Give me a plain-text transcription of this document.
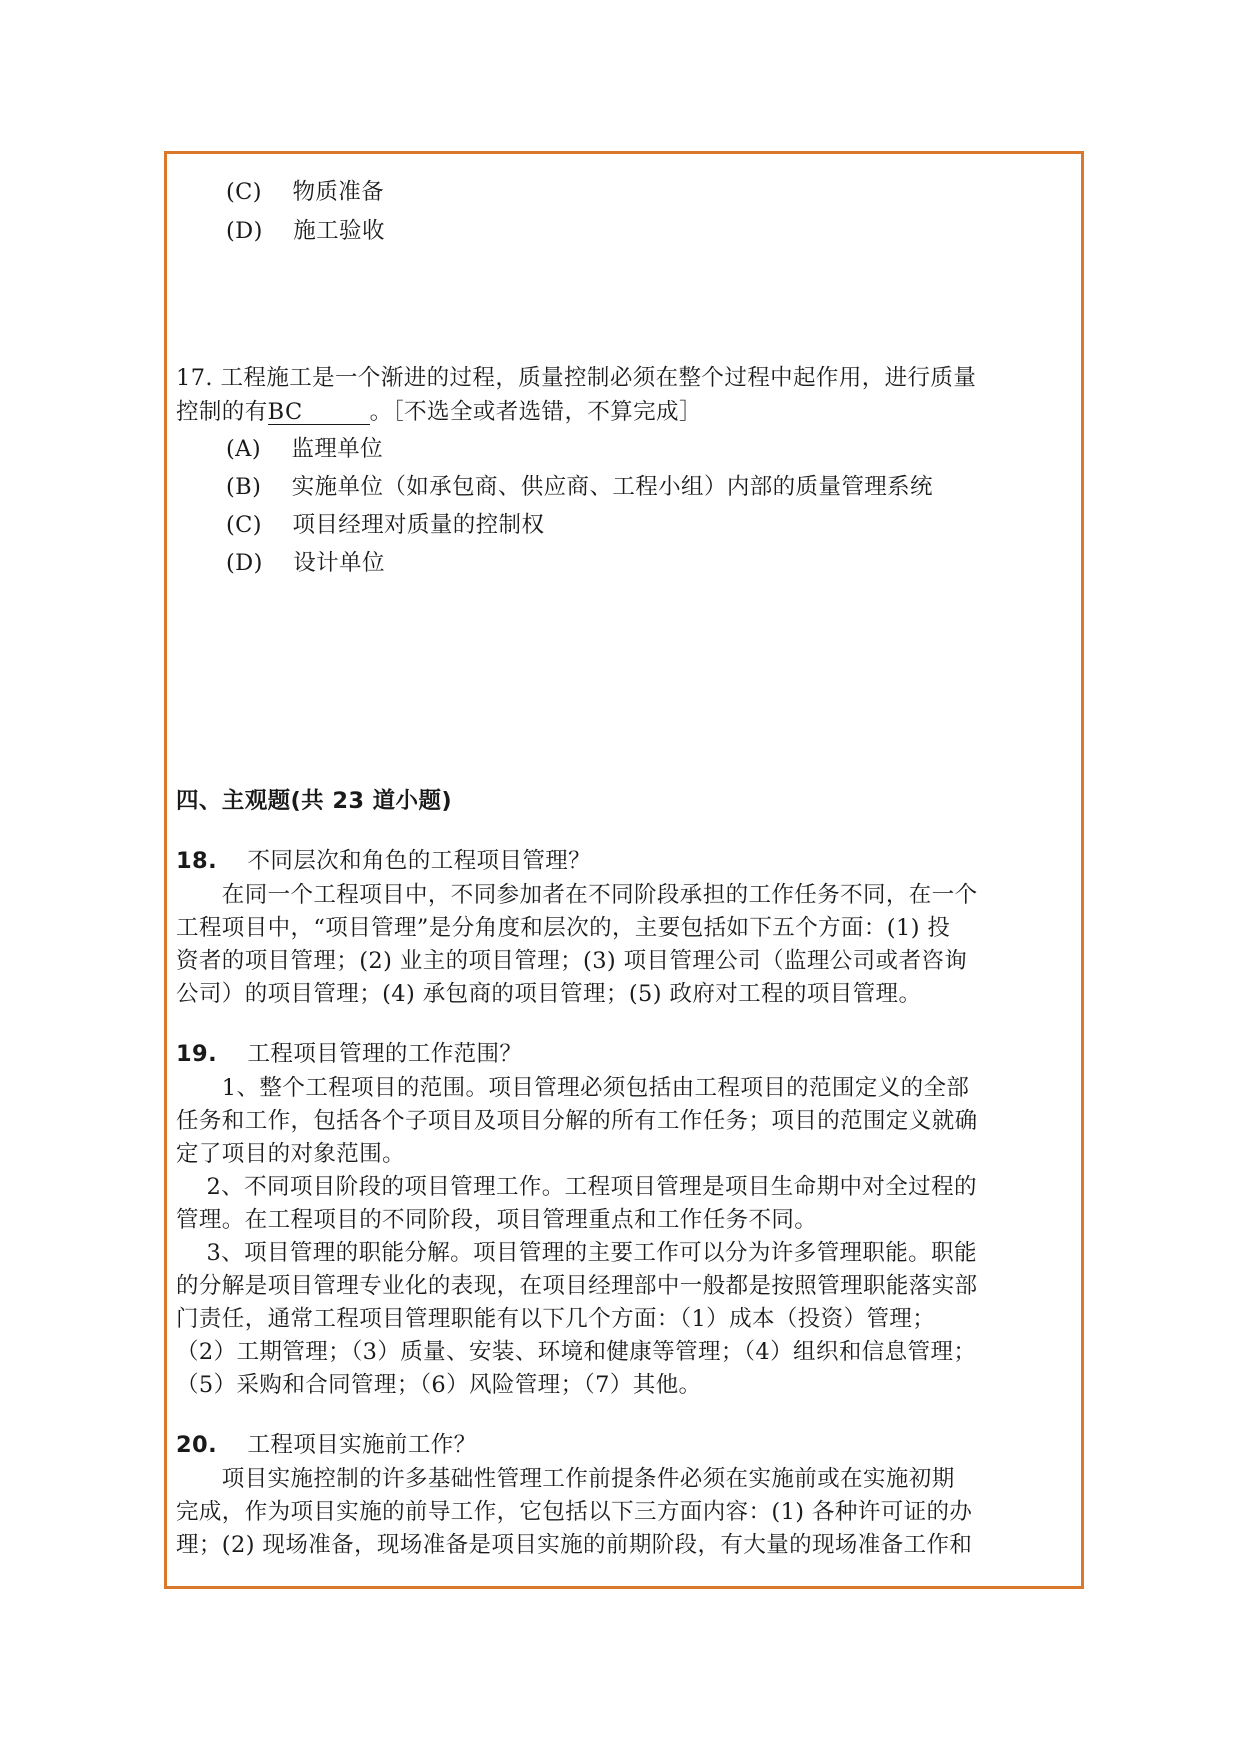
(C)　 物质准备
(D)　 施工验收
17. 工程施工是一个渐进的过程，质量控制必须在整个过程中起作用，进行质量
控制的有BC	。［不选全或者选错，不算完成］
(A)　 监理单位
(B)　 实施单位（如承包商、供应商、工程小组）内部的质量管理系统
(C)　 项目经理对质量的控制权
(D)　 设计单位
四、主观题(共 23 道小题)
18.　 不同层次和角色的工程项目管理？
　　在同一个工程项目中，不同参加者在不同阶段承担的工作任务不同，在一个
工程项目中，“项目管理”是分角度和层次的，主要包括如下五个方面：(1) 投
资者的项目管理；(2) 业主的项目管理；(3) 项目管理公司（监理公司或者咨询
公司）的项目管理；(4) 承包商的项目管理；(5) 政府对工程的项目管理。
19.　 工程项目管理的工作范围？
　　1、整个工程项目的范围。项目管理必须包括由工程项目的范围定义的全部
任务和工作，包括各个子项目及项目分解的所有工作任务；项目的范围定义就确
定了项目的对象范围。
　 2、不同项目阶段的项目管理工作。工程项目管理是项目生命期中对全过程的
管理。在工程项目的不同阶段，项目管理重点和工作任务不同。
　 3、项目管理的职能分解。项目管理的主要工作可以分为许多管理职能。职能
的分解是项目管理专业化的表现，在项目经理部中一般都是按照管理职能落实部
门责任，通常工程项目管理职能有以下几个方面：（1）成本（投资）管理；
（2）工期管理；（3）质量、安装、环境和健康等管理；（4）组织和信息管理；
（5）采购和合同管理；（6）风险管理；（7）其他。
20.　 工程项目实施前工作？
　　项目实施控制的许多基础性管理工作前提条件必须在实施前或在实施初期
完成，作为项目实施的前导工作，它包括以下三方面内容：(1) 各种许可证的办
理；(2) 现场准备，现场准备是项目实施的前期阶段，有大量的现场准备工作和
